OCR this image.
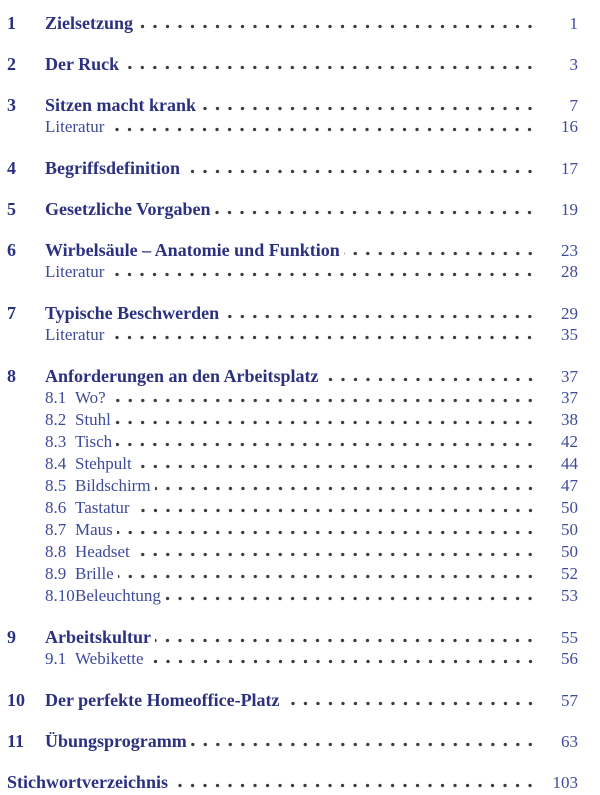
1	Zielsetzung	1
2	Der Ruck	3
3	Sitzen macht krank	7
Literatur	16
4	Begriffsdefinition	17
5	Gesetzliche Vorgaben	19
6	Wirbelsäule – Anatomie und Funktion	23
Literatur	28
7	Typische Beschwerden	29
Literatur	35
8	Anforderungen an den Arbeitsplatz	37
8.1 Wo?	37
8.2 Stuhl	38
8.3 Tisch	42
8.4 Stehpult	44
8.5 Bildschirm	47
8.6 Tastatur	50
8.7 Maus	50
8.8 Headset	50
8.9 Brille	52
8.10 Beleuchtung	53
9	Arbeitskultur	55
9.1 Webikette	56
10	Der perfekte Homeoffice-Platz	57
11	Übungsprogramm	63
Stichwortverzeichnis	103
